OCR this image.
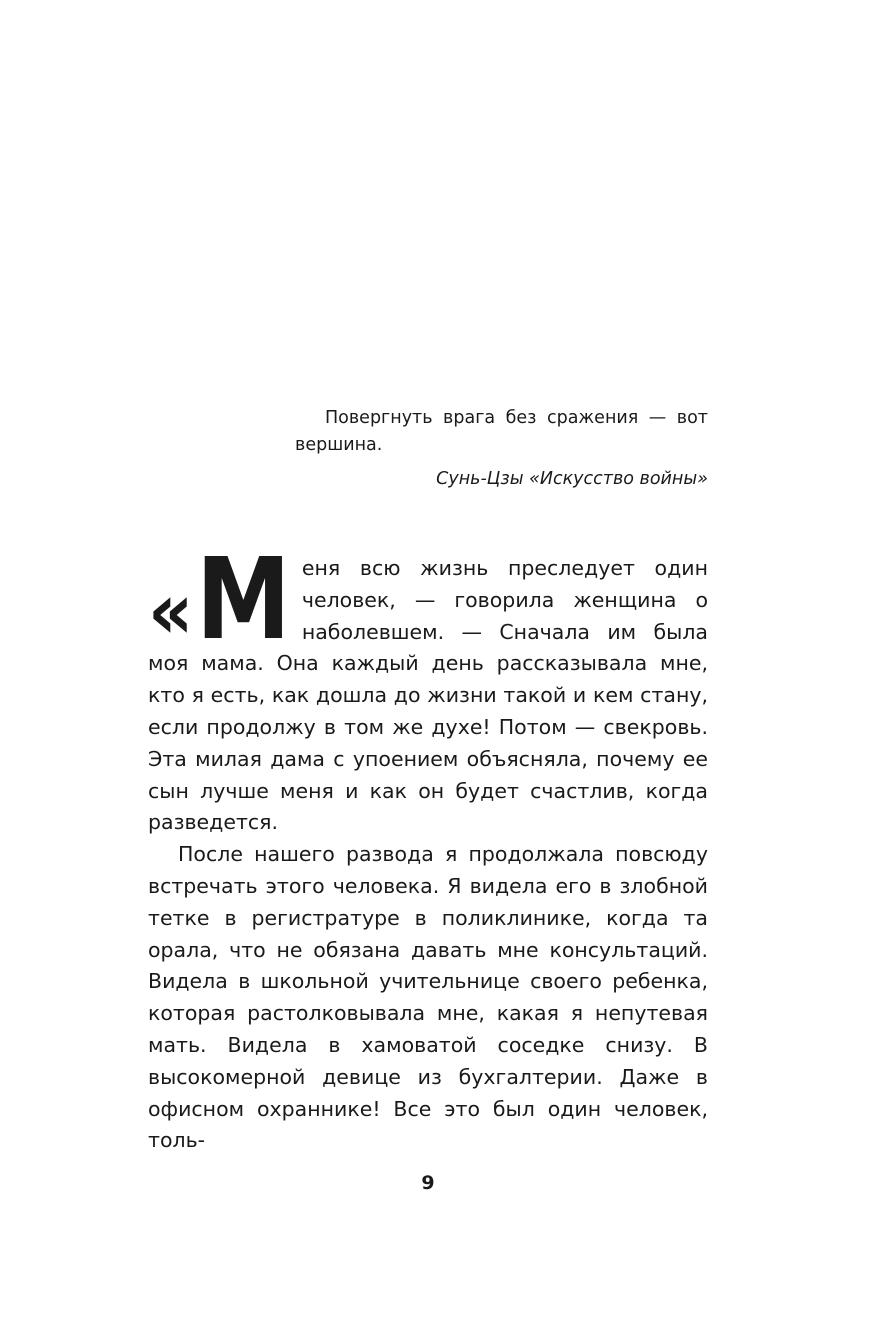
Повергнуть врага без сражения — вот вершина.

Сунь-Цзы «Искусство войны»

« М еня всю жизнь преследует один человек, — говорила женщина о наболевшем. — Сначала им была моя мама. Она каждый день рассказывала мне, кто я есть, как дошла до жизни такой и кем стану, если продолжу в том же духе! Потом — свекровь. Эта милая дама с упоением объясняла, почему ее сын лучше меня и как он будет счастлив, когда разведется.

После нашего развода я продолжала повсюду встречать этого человека. Я видела его в злобной тетке в регистратуре в поликлинике, когда та орала, что не обязана давать мне консультаций. Видела в школьной учительнице своего ребенка, которая растолковывала мне, какая я непутевая мать. Видела в хамоватой соседке снизу. В высокомерной девице из бухгалтерии. Даже в офисном охраннике! Все это был один человек, толь-

9
